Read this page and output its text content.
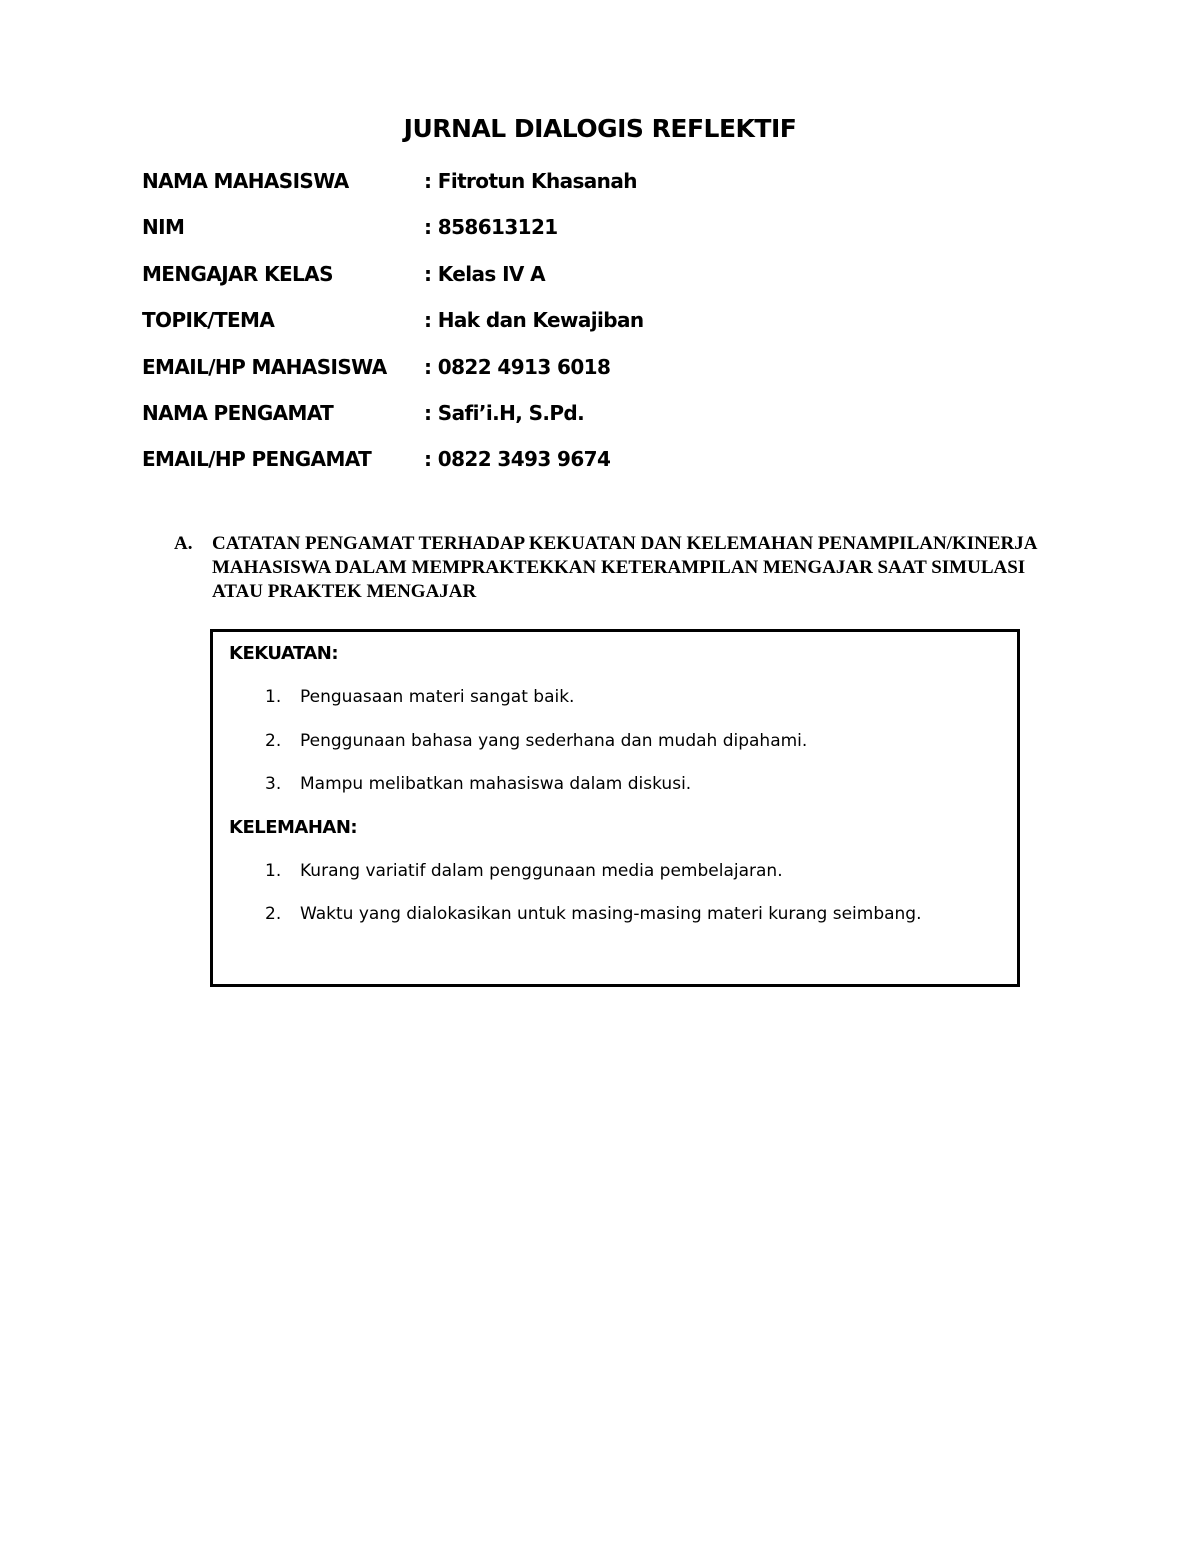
JURNAL DIALOGIS REFLEKTIF
NAMA MAHASISWA	: Fitrotun Khasanah
NIM	: 858613121
MENGAJAR KELAS	: Kelas IV A
TOPIK/TEMA	: Hak dan Kewajiban
EMAIL/HP MAHASISWA	: 0822 4913 6018
NAMA PENGAMAT	: Safi’i.H, S.Pd.
EMAIL/HP PENGAMAT	: 0822 3493 9674
A.	CATATAN PENGAMAT TERHADAP KEKUATAN DAN KELEMAHAN PENAMPILAN/KINERJA MAHASISWA DALAM MEMPRAKTEKKAN KETERAMPILAN MENGAJAR SAAT SIMULASI ATAU PRAKTEK MENGAJAR
KEKUATAN:
1.	Penguasaan materi sangat baik.
2.	Penggunaan bahasa yang sederhana dan mudah dipahami.
3.	Mampu melibatkan mahasiswa dalam diskusi.
KELEMAHAN:
1.	Kurang variatif dalam penggunaan media pembelajaran.
2.	Waktu yang dialokasikan untuk masing-masing materi kurang seimbang.
